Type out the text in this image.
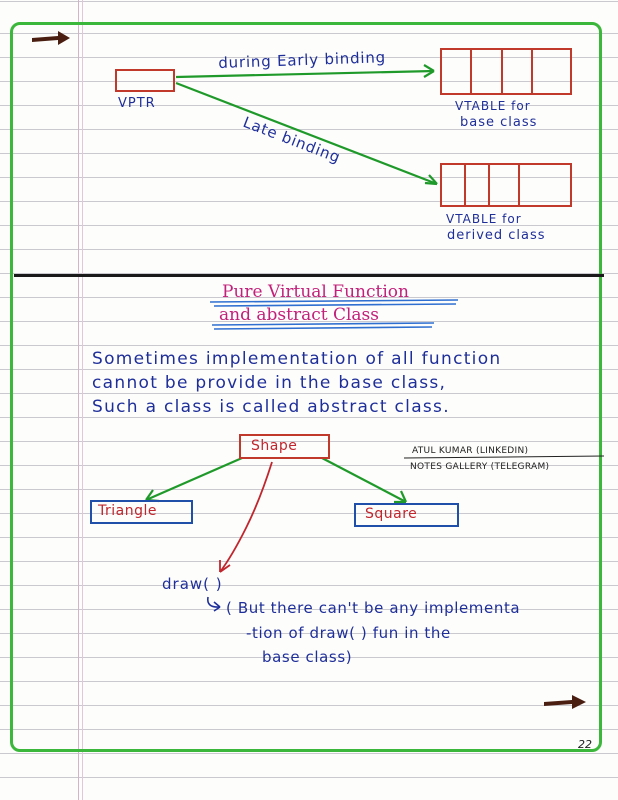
VPTR
during Early binding
Late binding
VTABLE for
base class
VTABLE for
derived class
Pure Virtual Function
and abstract Class
Sometimes implementation of all function
cannot be provide in the base class,
Such a class is called abstract class.
Shape	ATUL KUMAR (LINKEDIN)
NOTES GALLERY (TELEGRAM)
Triangle	Square
draw( )
( But there can't be any implementa
-tion of draw( ) fun in the
base class)
22
